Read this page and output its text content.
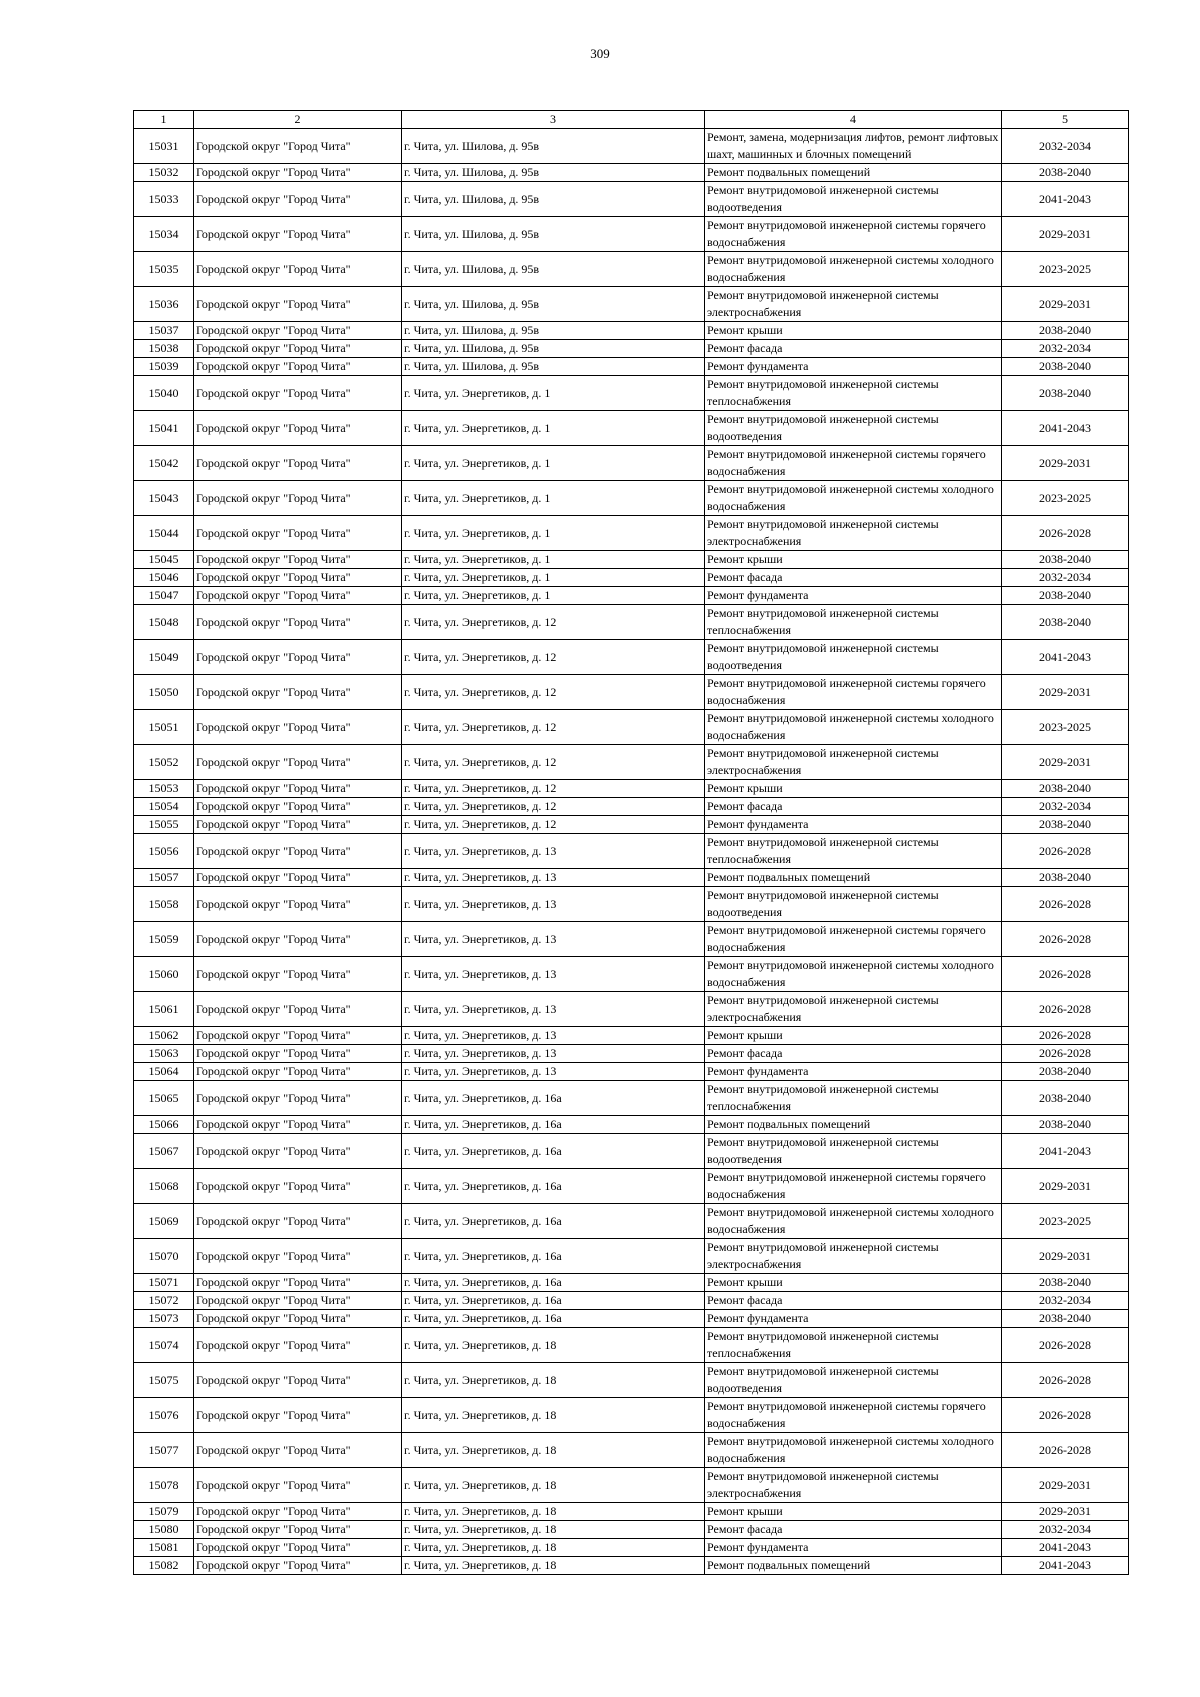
309
1	2	3	4	5
15031	Городской округ "Город Чита"	г. Чита, ул. Шилова, д. 95в	Ремонт, замена, модернизация лифтов, ремонт лифтовых шахт, машинных и блочных помещений	2032-2034
15032	Городской округ "Город Чита"	г. Чита, ул. Шилова, д. 95в	Ремонт подвальных помещений	2038-2040
15033	Городской округ "Город Чита"	г. Чита, ул. Шилова, д. 95в	Ремонт внутридомовой инженерной системы водоотведения	2041-2043
15034	Городской округ "Город Чита"	г. Чита, ул. Шилова, д. 95в	Ремонт внутридомовой инженерной системы горячего водоснабжения	2029-2031
15035	Городской округ "Город Чита"	г. Чита, ул. Шилова, д. 95в	Ремонт внутридомовой инженерной системы холодного водоснабжения	2023-2025
15036	Городской округ "Город Чита"	г. Чита, ул. Шилова, д. 95в	Ремонт внутридомовой инженерной системы электроснабжения	2029-2031
15037	Городской округ "Город Чита"	г. Чита, ул. Шилова, д. 95в	Ремонт крыши	2038-2040
15038	Городской округ "Город Чита"	г. Чита, ул. Шилова, д. 95в	Ремонт фасада	2032-2034
15039	Городской округ "Город Чита"	г. Чита, ул. Шилова, д. 95в	Ремонт фундамента	2038-2040
15040	Городской округ "Город Чита"	г. Чита, ул. Энергетиков, д. 1	Ремонт внутридомовой инженерной системы теплоснабжения	2038-2040
15041	Городской округ "Город Чита"	г. Чита, ул. Энергетиков, д. 1	Ремонт внутридомовой инженерной системы водоотведения	2041-2043
15042	Городской округ "Город Чита"	г. Чита, ул. Энергетиков, д. 1	Ремонт внутридомовой инженерной системы горячего водоснабжения	2029-2031
15043	Городской округ "Город Чита"	г. Чита, ул. Энергетиков, д. 1	Ремонт внутридомовой инженерной системы холодного водоснабжения	2023-2025
15044	Городской округ "Город Чита"	г. Чита, ул. Энергетиков, д. 1	Ремонт внутридомовой инженерной системы электроснабжения	2026-2028
15045	Городской округ "Город Чита"	г. Чита, ул. Энергетиков, д. 1	Ремонт крыши	2038-2040
15046	Городской округ "Город Чита"	г. Чита, ул. Энергетиков, д. 1	Ремонт фасада	2032-2034
15047	Городской округ "Город Чита"	г. Чита, ул. Энергетиков, д. 1	Ремонт фундамента	2038-2040
15048	Городской округ "Город Чита"	г. Чита, ул. Энергетиков, д. 12	Ремонт внутридомовой инженерной системы теплоснабжения	2038-2040
15049	Городской округ "Город Чита"	г. Чита, ул. Энергетиков, д. 12	Ремонт внутридомовой инженерной системы водоотведения	2041-2043
15050	Городской округ "Город Чита"	г. Чита, ул. Энергетиков, д. 12	Ремонт внутридомовой инженерной системы горячего водоснабжения	2029-2031
15051	Городской округ "Город Чита"	г. Чита, ул. Энергетиков, д. 12	Ремонт внутридомовой инженерной системы холодного водоснабжения	2023-2025
15052	Городской округ "Город Чита"	г. Чита, ул. Энергетиков, д. 12	Ремонт внутридомовой инженерной системы электроснабжения	2029-2031
15053	Городской округ "Город Чита"	г. Чита, ул. Энергетиков, д. 12	Ремонт крыши	2038-2040
15054	Городской округ "Город Чита"	г. Чита, ул. Энергетиков, д. 12	Ремонт фасада	2032-2034
15055	Городской округ "Город Чита"	г. Чита, ул. Энергетиков, д. 12	Ремонт фундамента	2038-2040
15056	Городской округ "Город Чита"	г. Чита, ул. Энергетиков, д. 13	Ремонт внутридомовой инженерной системы теплоснабжения	2026-2028
15057	Городской округ "Город Чита"	г. Чита, ул. Энергетиков, д. 13	Ремонт подвальных помещений	2038-2040
15058	Городской округ "Город Чита"	г. Чита, ул. Энергетиков, д. 13	Ремонт внутридомовой инженерной системы водоотведения	2026-2028
15059	Городской округ "Город Чита"	г. Чита, ул. Энергетиков, д. 13	Ремонт внутридомовой инженерной системы горячего водоснабжения	2026-2028
15060	Городской округ "Город Чита"	г. Чита, ул. Энергетиков, д. 13	Ремонт внутридомовой инженерной системы холодного водоснабжения	2026-2028
15061	Городской округ "Город Чита"	г. Чита, ул. Энергетиков, д. 13	Ремонт внутридомовой инженерной системы электроснабжения	2026-2028
15062	Городской округ "Город Чита"	г. Чита, ул. Энергетиков, д. 13	Ремонт крыши	2026-2028
15063	Городской округ "Город Чита"	г. Чита, ул. Энергетиков, д. 13	Ремонт фасада	2026-2028
15064	Городской округ "Город Чита"	г. Чита, ул. Энергетиков, д. 13	Ремонт фундамента	2038-2040
15065	Городской округ "Город Чита"	г. Чита, ул. Энергетиков, д. 16а	Ремонт внутридомовой инженерной системы теплоснабжения	2038-2040
15066	Городской округ "Город Чита"	г. Чита, ул. Энергетиков, д. 16а	Ремонт подвальных помещений	2038-2040
15067	Городской округ "Город Чита"	г. Чита, ул. Энергетиков, д. 16а	Ремонт внутридомовой инженерной системы водоотведения	2041-2043
15068	Городской округ "Город Чита"	г. Чита, ул. Энергетиков, д. 16а	Ремонт внутридомовой инженерной системы горячего водоснабжения	2029-2031
15069	Городской округ "Город Чита"	г. Чита, ул. Энергетиков, д. 16а	Ремонт внутридомовой инженерной системы холодного водоснабжения	2023-2025
15070	Городской округ "Город Чита"	г. Чита, ул. Энергетиков, д. 16а	Ремонт внутридомовой инженерной системы электроснабжения	2029-2031
15071	Городской округ "Город Чита"	г. Чита, ул. Энергетиков, д. 16а	Ремонт крыши	2038-2040
15072	Городской округ "Город Чита"	г. Чита, ул. Энергетиков, д. 16а	Ремонт фасада	2032-2034
15073	Городской округ "Город Чита"	г. Чита, ул. Энергетиков, д. 16а	Ремонт фундамента	2038-2040
15074	Городской округ "Город Чита"	г. Чита, ул. Энергетиков, д. 18	Ремонт внутридомовой инженерной системы теплоснабжения	2026-2028
15075	Городской округ "Город Чита"	г. Чита, ул. Энергетиков, д. 18	Ремонт внутридомовой инженерной системы водоотведения	2026-2028
15076	Городской округ "Город Чита"	г. Чита, ул. Энергетиков, д. 18	Ремонт внутридомовой инженерной системы горячего водоснабжения	2026-2028
15077	Городской округ "Город Чита"	г. Чита, ул. Энергетиков, д. 18	Ремонт внутридомовой инженерной системы холодного водоснабжения	2026-2028
15078	Городской округ "Город Чита"	г. Чита, ул. Энергетиков, д. 18	Ремонт внутридомовой инженерной системы электроснабжения	2029-2031
15079	Городской округ "Город Чита"	г. Чита, ул. Энергетиков, д. 18	Ремонт крыши	2029-2031
15080	Городской округ "Город Чита"	г. Чита, ул. Энергетиков, д. 18	Ремонт фасада	2032-2034
15081	Городской округ "Город Чита"	г. Чита, ул. Энергетиков, д. 18	Ремонт фундамента	2041-2043
15082	Городской округ "Город Чита"	г. Чита, ул. Энергетиков, д. 18	Ремонт подвальных помещений	2041-2043
